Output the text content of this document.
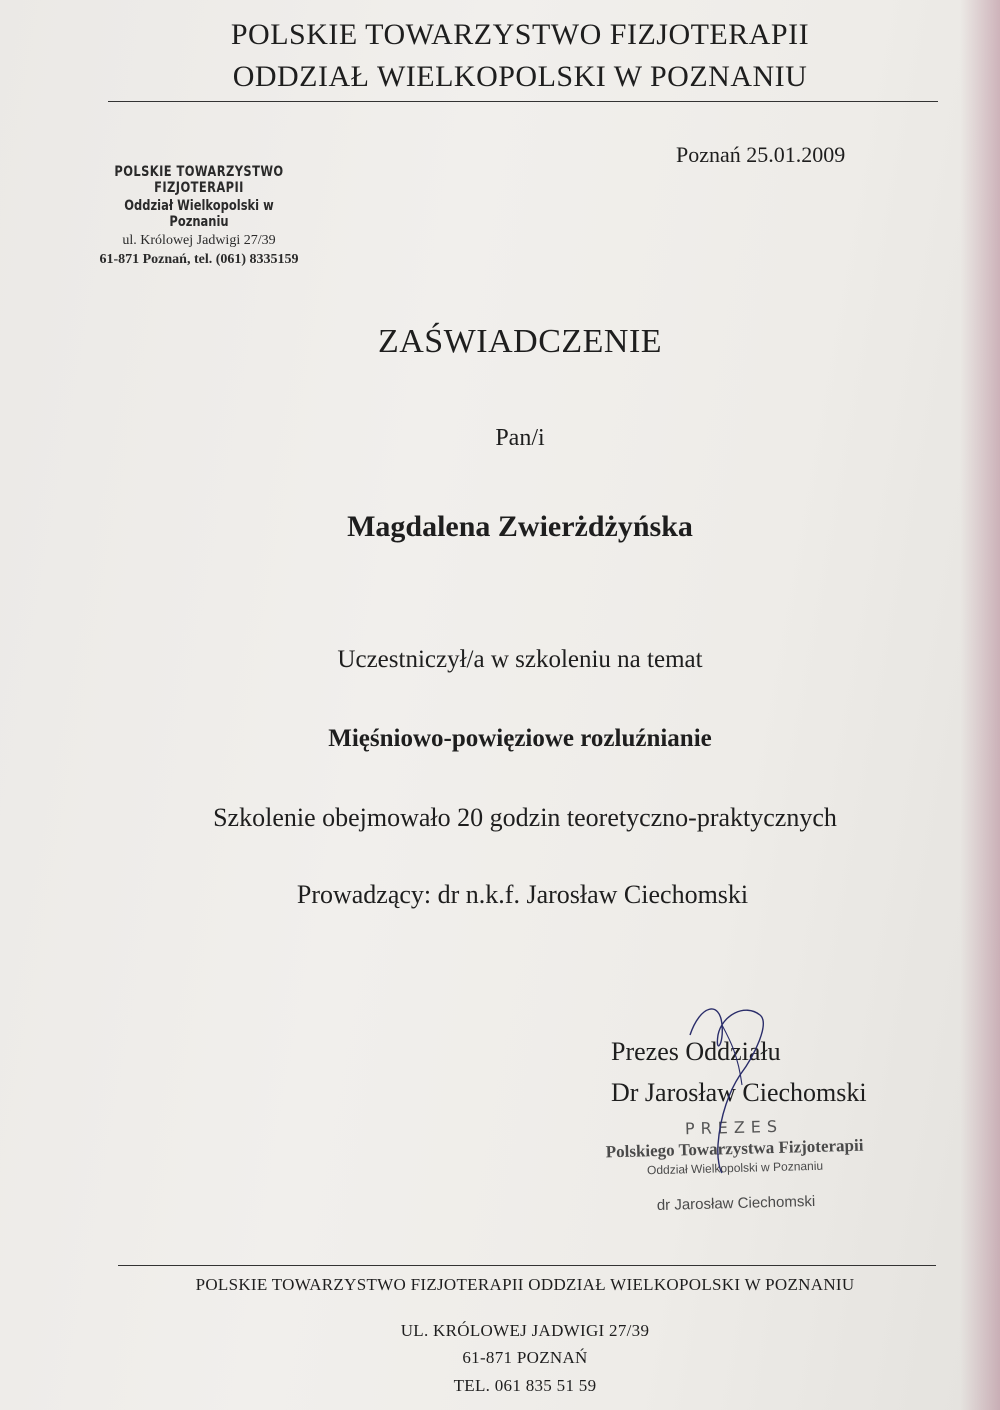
POLSKIE TOWARZYSTWO FIZJOTERAPII
ODDZIAŁ WIELKOPOLSKI W POZNANIU
POLSKIE TOWARZYSTWO FIZJOTERAPII
Oddział Wielkopolski w Poznaniu
ul. Królowej Jadwigi 27/39
61-871 Poznań, tel. (061) 8335159
Poznań 25.01.2009
ZAŚWIADCZENIE
Pan/i
Magdalena Zwierżdżyńska
Uczestniczył/a w szkoleniu na temat
Mięśniowo-powięziowe rozluźnianie
Szkolenie obejmowało 20 godzin teoretyczno-praktycznych
Prowadzący: dr n.k.f. Jarosław Ciechomski
Prezes Oddziału
Dr Jarosław Ciechomski
PREZES
Polskiego Towarzystwa Fizjoterapii
Oddział Wielkopolski w Poznaniu
dr Jarosław Ciechomski
POLSKIE TOWARZYSTWO FIZJOTERAPII ODDZIAŁ WIELKOPOLSKI W POZNANIU
UL. KRÓLOWEJ JADWIGI 27/39
61-871 POZNAŃ
TEL. 061 835 51 59
